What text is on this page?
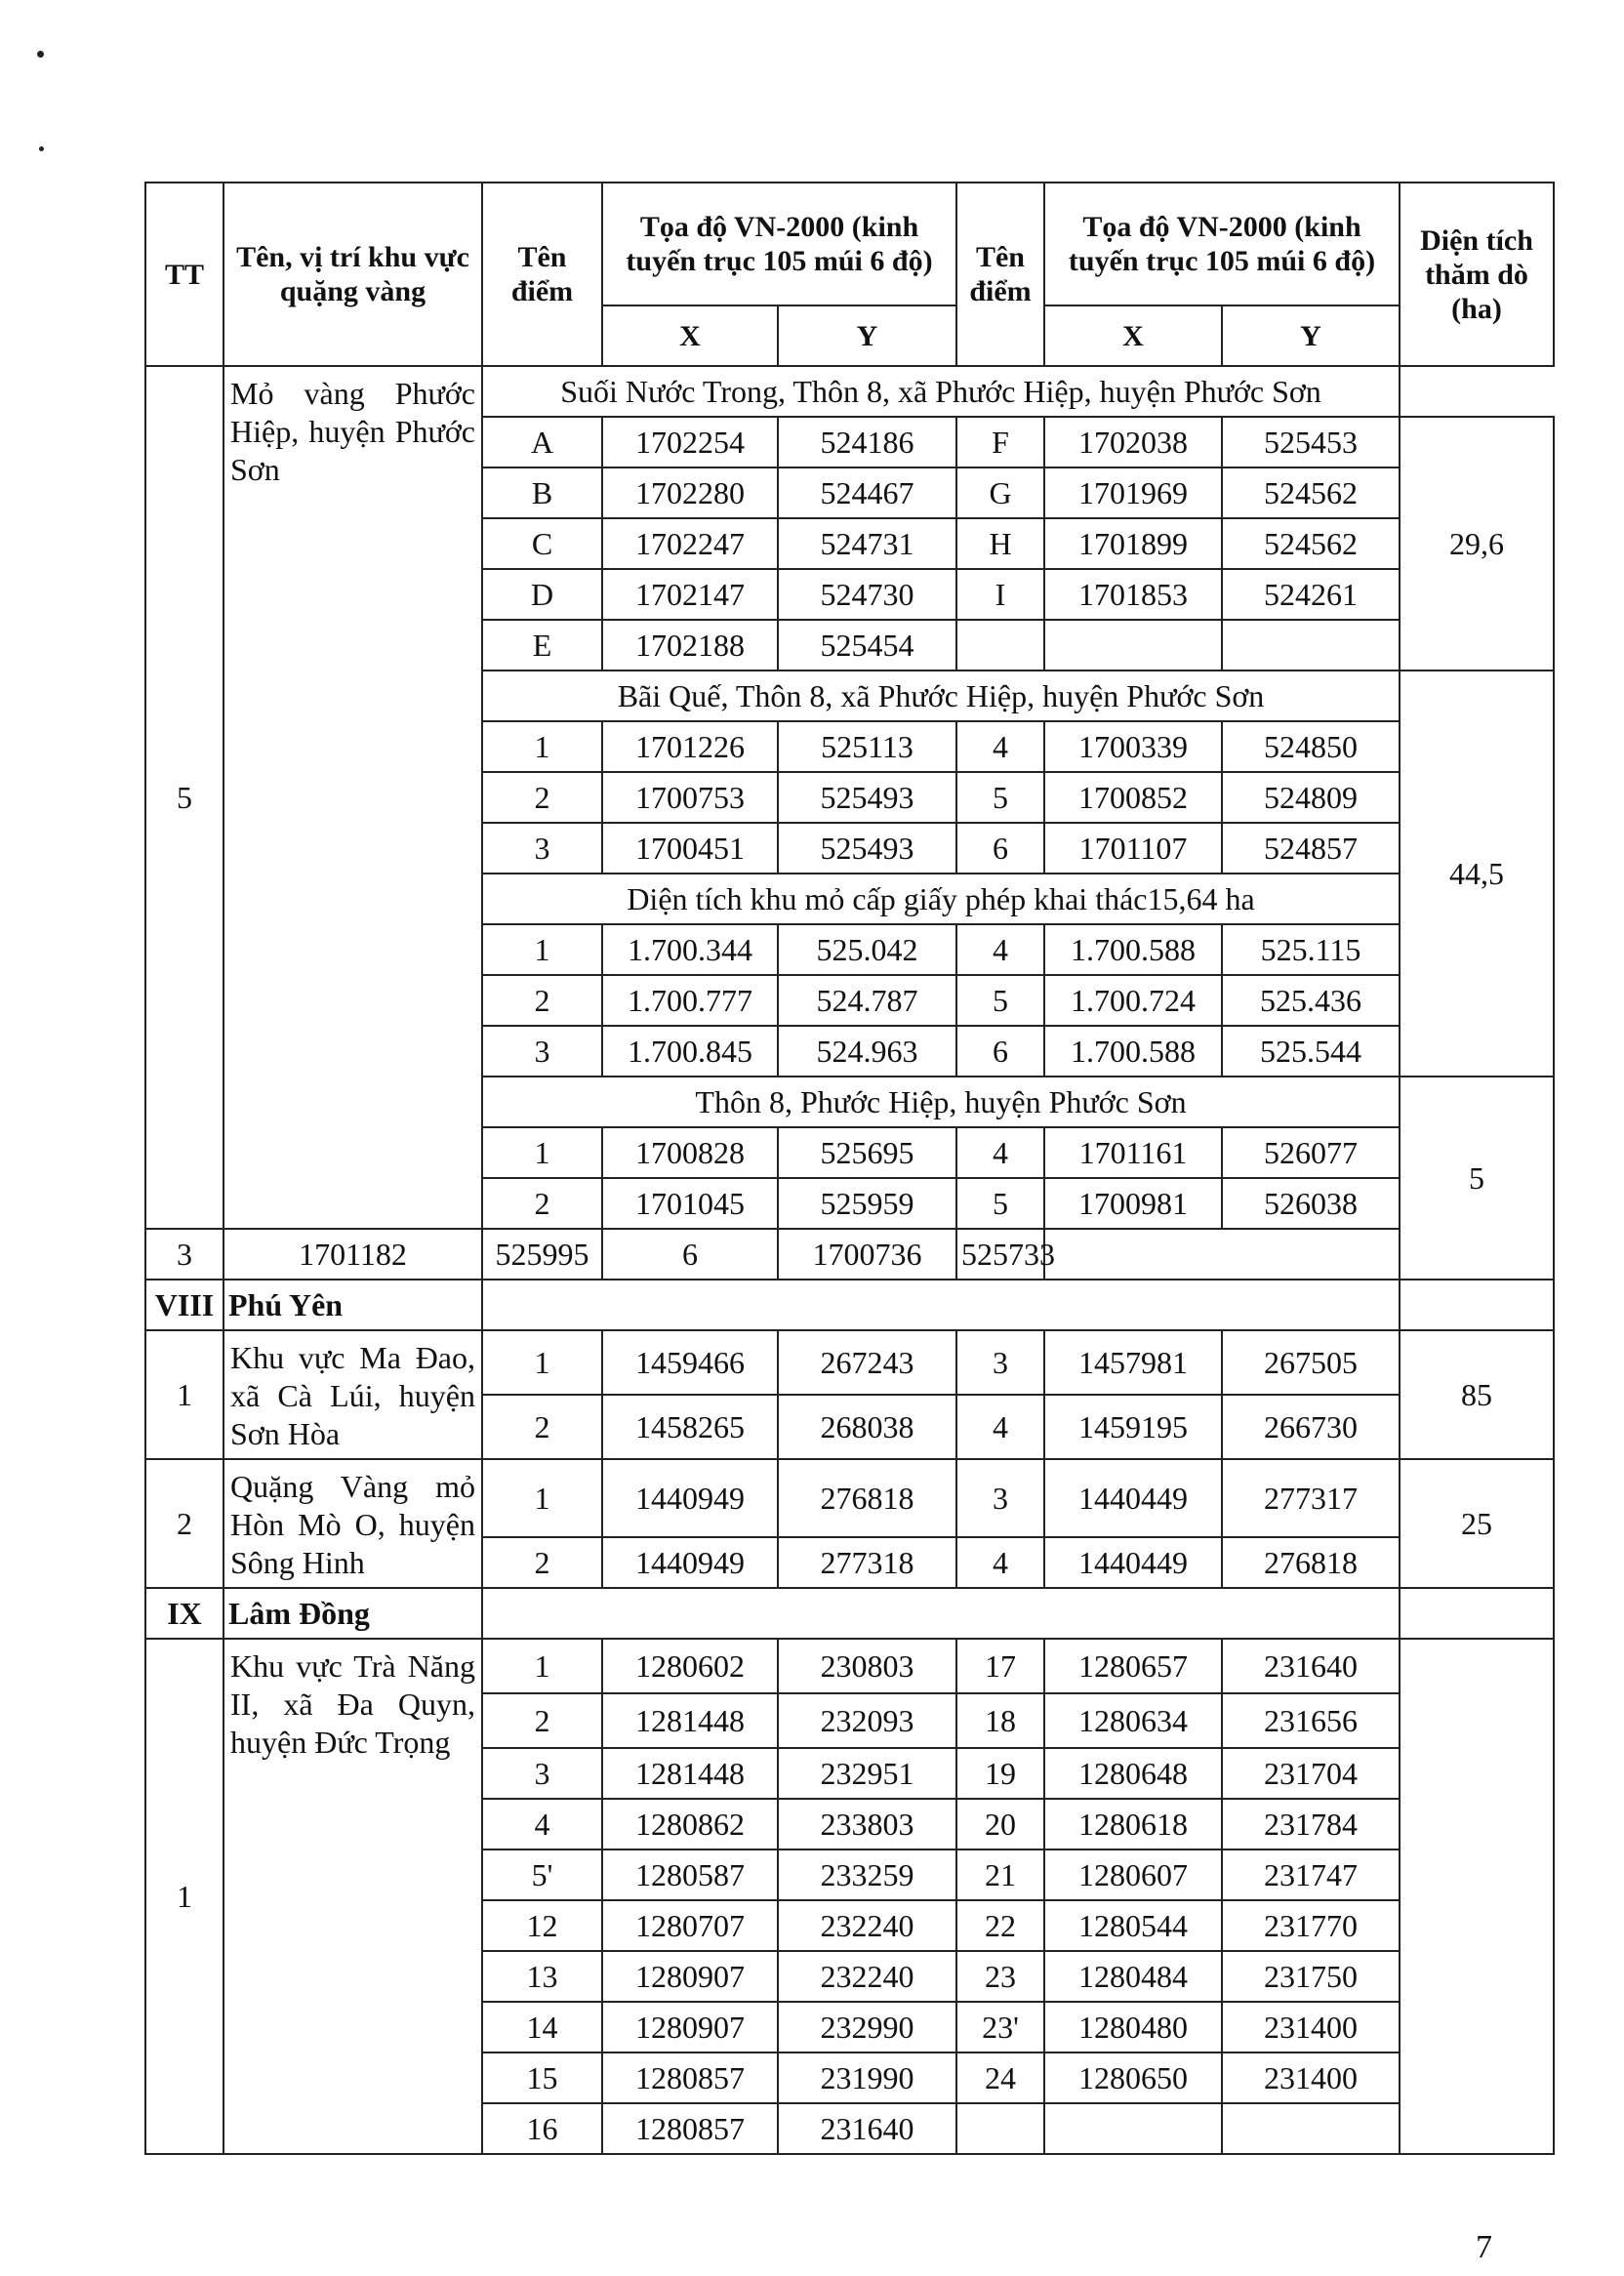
TT	Tên, vị trí khu vực quặng vàng	Tên điểm	Tọa độ VN-2000 (kinh tuyến trục 105 múi 6 độ)		Tên điểm	Tọa độ VN-2000 (kinh tuyến trục 105 múi 6 độ)		Diện tích thăm dò (ha)
			X	Y		X	Y	
5	Mỏ vàng Phước Hiệp, huyện Phước Sơn							
		Suối Nước Trong, Thôn 8, xã Phước Hiệp, huyện Phước Sơn						
		A	1702254	524186	F	1702038	525453	29,6
		B	1702280	524467	G	1701969	524562	
		C	1702247	524731	H	1701899	524562	
		D	1702147	524730	I	1701853	524261	
		E	1702188	525454				
		Bãi Quế, Thôn 8, xã Phước Hiệp, huyện Phước Sơn						44,5
		1	1701226	525113	4	1700339	524850	
		2	1700753	525493	5	1700852	524809	
		3	1700451	525493	6	1701107	524857	
		Diện tích khu mỏ cấp giấy phép khai thác15,64 ha						
		1	1.700.344	525.042	4	1.700.588	525.115	
		2	1.700.777	524.787	5	1.700.724	525.436	
		3	1.700.845	524.963	6	1.700.588	525.544	
		Thôn 8, Phước Hiệp, huyện Phước Sơn						5
		1	1700828	525695	4	1701161	526077	
		2	1701045	525959	5	1700981	526038	
3	1701182	525995	6	1700736	525733			
VIII	Phú Yên							
1	Khu vực Ma Đao, xã Cà Lúi, huyện Sơn Hòa	1	1459466	267243	3	1457981	267505	85
		2	1458265	268038	4	1459195	266730	
2	Quặng Vàng mỏ Hòn Mò O, huyện Sông Hinh	1	1440949	276818	3	1440449	277317	25
		2	1440949	277318	4	1440449	276818	
IX	Lâm Đồng							
1	Khu vực Trà Năng II, xã Đa Quyn, huyện Đức Trọng	1	1280602	230803	17	1280657	231640	
		2	1281448	232093	18	1280634	231656	
		3	1281448	232951	19	1280648	231704	
		4	1280862	233803	20	1280618	231784	
		5'	1280587	233259	21	1280607	231747	
		12	1280707	232240	22	1280544	231770	
		13	1280907	232240	23	1280484	231750	
		14	1280907	232990	23'	1280480	231400	
		15	1280857	231990	24	1280650	231400	
		16	1280857	231640				
7
